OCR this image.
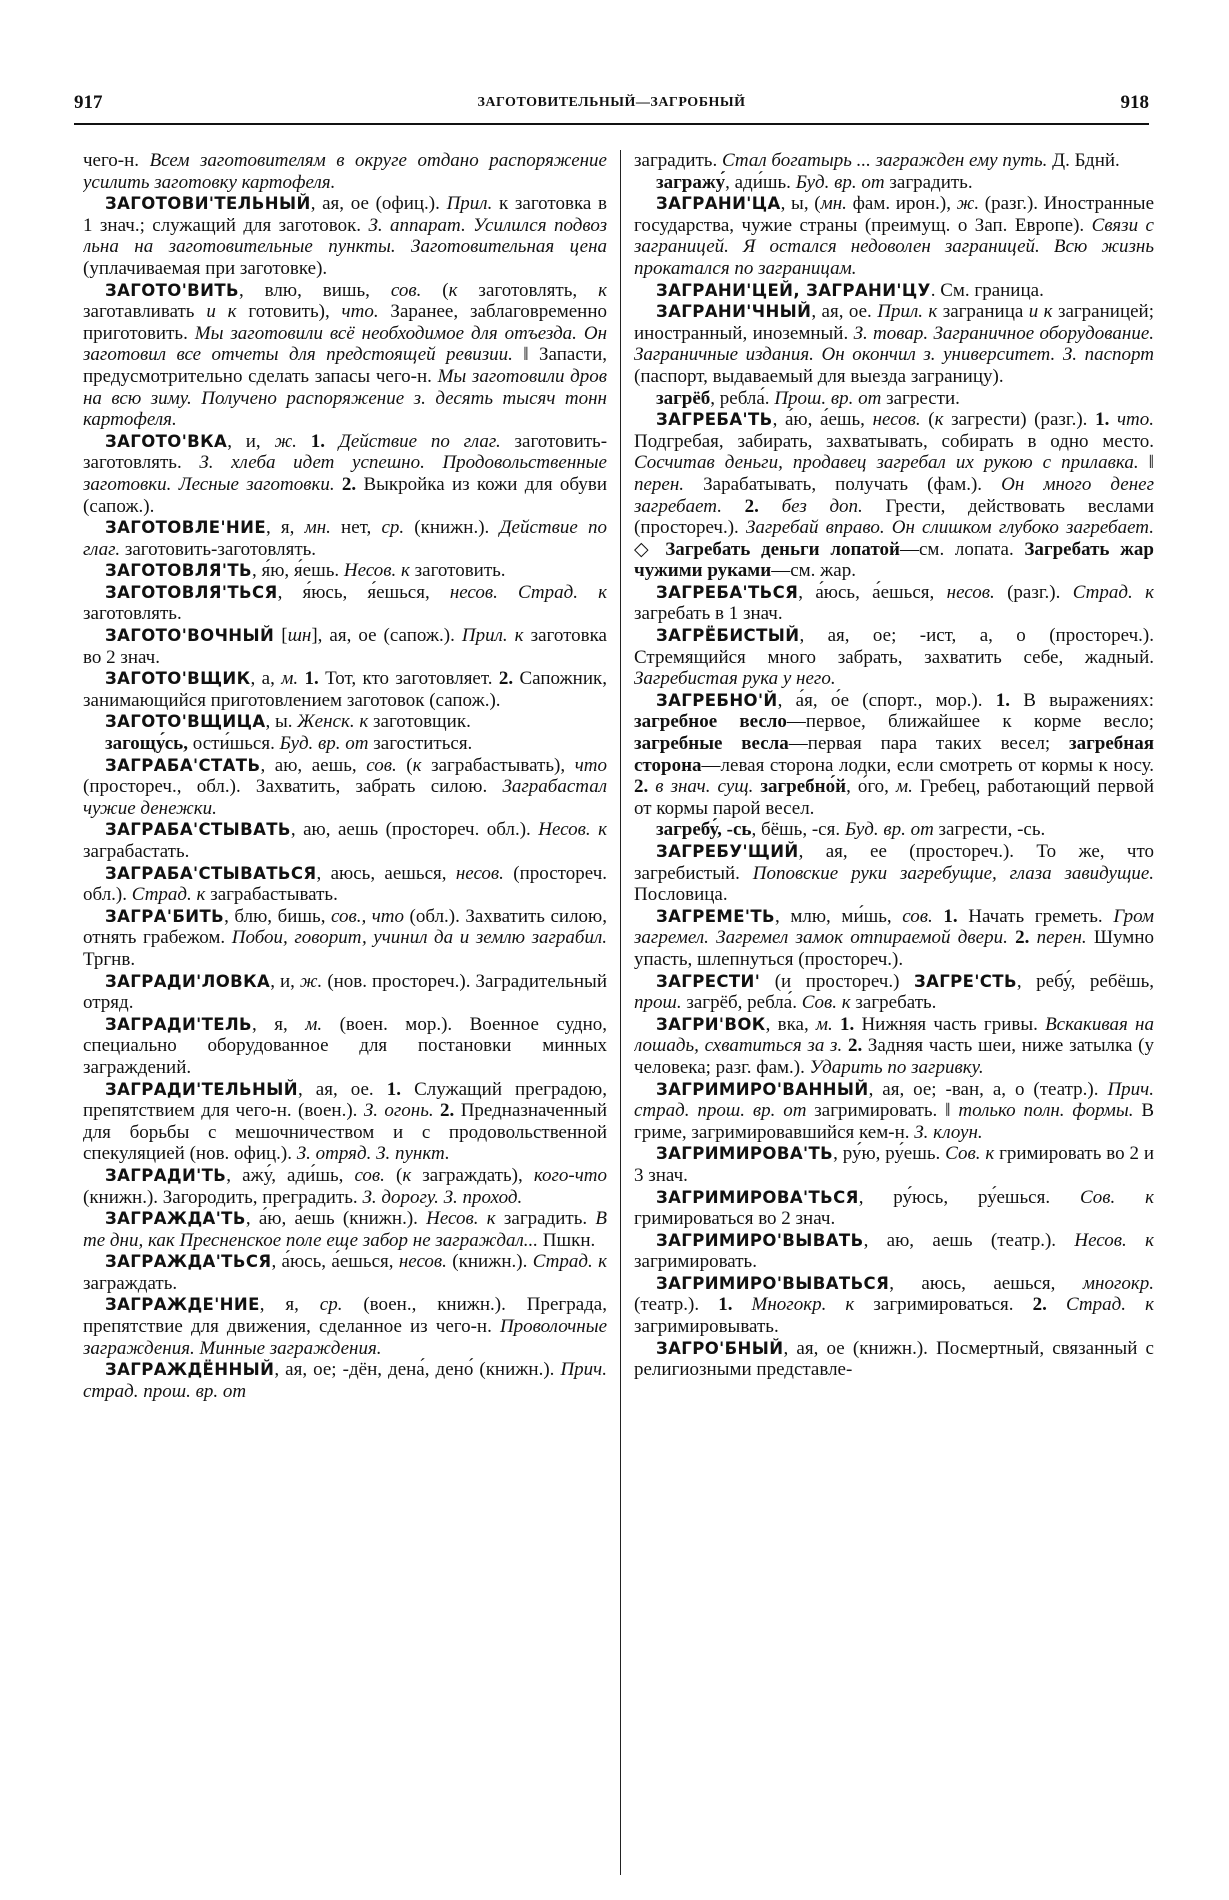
917	ЗАГОТОВИТЕЛЬНЫЙ—ЗАГРОБНЫЙ	918

чего-н. Всем заготовителям в округе отдано распоряжение усилить заготовку картофеля.

ЗАГОТОВИ'ТЕЛЬНЫЙ, ая, ое (офиц.). Прил. к заготовка в 1 знач.; служащий для заготовок. З. аппарат. Усилился подвоз льна на заготовительные пункты. Заготовительная цена (уплачиваемая при заготовке).

ЗАГОТО'ВИТЬ, влю, вишь, сов. (к заготовлять, к заготавливать и к готовить), что. Заранее, заблаговременно приготовить. Мы заготовили всё необходимое для отъезда. Он заготовил все отчеты для предстоящей ревизии. ‖ Запасти, предусмотрительно сделать запасы чего-н. Мы заготовили дров на всю зиму. Получено распоряжение з. десять тысяч тонн картофеля.

ЗАГОТО'ВКА, и, ж. 1. Действие по глаг. заготовить-заготовлять. З. хлеба идет успешно. Продовольственные заготовки. Лесные заготовки. 2. Выкройка из кожи для обуви (сапож.).

ЗАГОТОВЛЕ'НИЕ, я, мн. нет, ср. (книжн.). Действие по глаг. заготовить-заготовлять.

ЗАГОТОВЛЯ'ТЬ, я́ю, я́ешь. Несов. к заготовить.

ЗАГОТОВЛЯ'ТЬСЯ, я́юсь, я́ешься, несов. Страд. к заготовлять.

ЗАГОТО'ВОЧНЫЙ [шн], ая, ое (сапож.). Прил. к заготовка во 2 знач.

ЗАГОТО'ВЩИК, а, м. 1. Тот, кто заготовляет. 2. Сапожник, занимающийся приготовлением заготовок (сапож.).

ЗАГОТО'ВЩИЦА, ы. Женск. к заготовщик.

загощу́сь, ости́шься. Буд. вр. от загоститься.

ЗАГРАБА'СТАТЬ, аю, аешь, сов. (к заграбастывать), что (простореч., обл.). Захватить, забрать силою. Заграбастал чужие денежки.

ЗАГРАБА'СТЫВАТЬ, аю, аешь (простореч. обл.). Несов. к заграбастать.

ЗАГРАБА'СТЫВАТЬСЯ, аюсь, аешься, несов. (простореч. обл.). Страд. к заграбастывать.

ЗАГРА'БИТЬ, блю, бишь, сов., что (обл.). Захватить силою, отнять грабежом. Побои, говорит, учинил да и землю заграбил. Тргнв.

ЗАГРАДИ'ЛОВКА, и, ж. (нов. простореч.). Заградительный отряд.

ЗАГРАДИ'ТЕЛЬ, я, м. (воен. мор.). Военное судно, специально оборудованное для постановки минных заграждений.

ЗАГРАДИ'ТЕЛЬНЫЙ, ая, ое. 1. Служащий преградою, препятствием для чего-н. (воен.). З. огонь. 2. Предназначенный для борьбы с мешочничеством и с продовольственной спекуляцией (нов. офиц.). З. отряд. З. пункт.

ЗАГРАДИ'ТЬ, ажу́, ади́шь, сов. (к заграждать), кого-что (книжн.). Загородить, преградить. З. дорогу. З. проход.

ЗАГРАЖДА'ТЬ, а́ю, а́ешь (книжн.). Несов. к заградить. В те дни, как Пресненское поле еще забор не заграждал... Пшкн.

ЗАГРАЖДА'ТЬСЯ, а́юсь, а́ешься, несов. (книжн.). Страд. к заграждать.

ЗАГРАЖДЕ'НИЕ, я, ср. (воен., книжн.). Преграда, препятствие для движения, сделанное из чего-н. Проволочные заграждения. Минные заграждения.

ЗАГРАЖДЁННЫЙ, ая, ое; -дён, дена́, дено́ (книжн.). Прич. страд. прош. вр. от

заградить. Стал богатырь ... загражден ему путь. Д. Бднй.

загражу́, ади́шь. Буд. вр. от заградить.

ЗАГРАНИ'ЦА, ы, (мн. фам. ирон.), ж. (разг.). Иностранные государства, чужие страны (преимущ. о Зап. Европе). Связи с заграницей. Я остался недоволен заграницей. Всю жизнь прокатался по заграницам.

ЗАГРАНИ'ЦЕЙ, ЗАГРАНИ'ЦУ. См. граница.

ЗАГРАНИ'ЧНЫЙ, ая, ое. Прил. к заграница и к заграницей; иностранный, иноземный. З. товар. Заграничное оборудование. Заграничные издания. Он окончил з. университет. З. паспорт (паспорт, выдаваемый для выезда заграницу).

загрёб, ребла́. Прош. вр. от загрести.

ЗАГРЕБА'ТЬ, а́ю, а́ешь, несов. (к загрести) (разг.). 1. что. Подгребая, забирать, захватывать, собирать в одно место. Сосчитав деньги, продавец загребал их рукою с прилавка. ‖ перен. Зарабатывать, получать (фам.). Он много денег загребает. 2. без доп. Грести, действовать веслами (простореч.). Загребай вправо. Он слишком глубоко загребает. ◇ Загребать деньги лопатой—см. лопата. Загребать жар чужими руками—см. жар.

ЗАГРЕБА'ТЬСЯ, а́юсь, а́ешься, несов. (разг.). Страд. к загребать в 1 знач.

ЗАГРЁБИСТЫЙ, ая, ое; -ист, а, о (простореч.). Стремящийся много забрать, захватить себе, жадный. Загребистая рука у него.

ЗАГРЕБНО'Й, а́я, о́е (спорт., мор.). 1. В выражениях: загребное весло—первое, ближайшее к корме весло; загребные весла—первая пара таких весел; загребная сторона—левая сторона лодки, если смотреть от кормы к носу. 2. в знач. сущ. загребно́й, о́го, м. Гребец, работающий первой от кормы парой весел.

загребу́, -сь, бёшь, -ся. Буд. вр. от загрести, -сь.

ЗАГРЕБУ'ЩИЙ, ая, ее (простореч.). То же, что загребистый. Поповские руки загребущие, глаза завидущие. Пословица.

ЗАГРЕМЕ'ТЬ, млю, ми́шь, сов. 1. Начать греметь. Гром загремел. Загремел замок отпираемой двери. 2. перен. Шумно упасть, шлепнуться (простореч.).

ЗАГРЕСТИ' (и простореч.) ЗАГРЕ'СТЬ, ребу́, ребёшь, прош. загрёб, ребла́. Сов. к загребать.

ЗАГРИ'ВОК, вка, м. 1. Нижняя часть гривы. Вскакивая на лошадь, схватиться за з. 2. Задняя часть шеи, ниже затылка (у человека; разг. фам.). Ударить по загривку.

ЗАГРИМИРО'ВАННЫЙ, ая, ое; -ван, а, о (театр.). Прич. страд. прош. вр. от загримировать. ‖ только полн. формы. В гриме, загримировавшийся кем-н. З. клоун.

ЗАГРИМИРОВА'ТЬ, ру́ю, ру́ешь. Сов. к гримировать во 2 и 3 знач.

ЗАГРИМИРОВА'ТЬСЯ, ру́юсь, ру́ешься. Сов. к гримироваться во 2 знач.

ЗАГРИМИРО'ВЫВАТЬ, аю, аешь (театр.). Несов. к загримировать.

ЗАГРИМИРО'ВЫВАТЬСЯ, аюсь, аешься, многокр. (театр.). 1. Многокр. к загримироваться. 2. Страд. к загримировывать.

ЗАГРО'БНЫЙ, ая, ое (книжн.). Посмертный, связанный с религиозными представле-
